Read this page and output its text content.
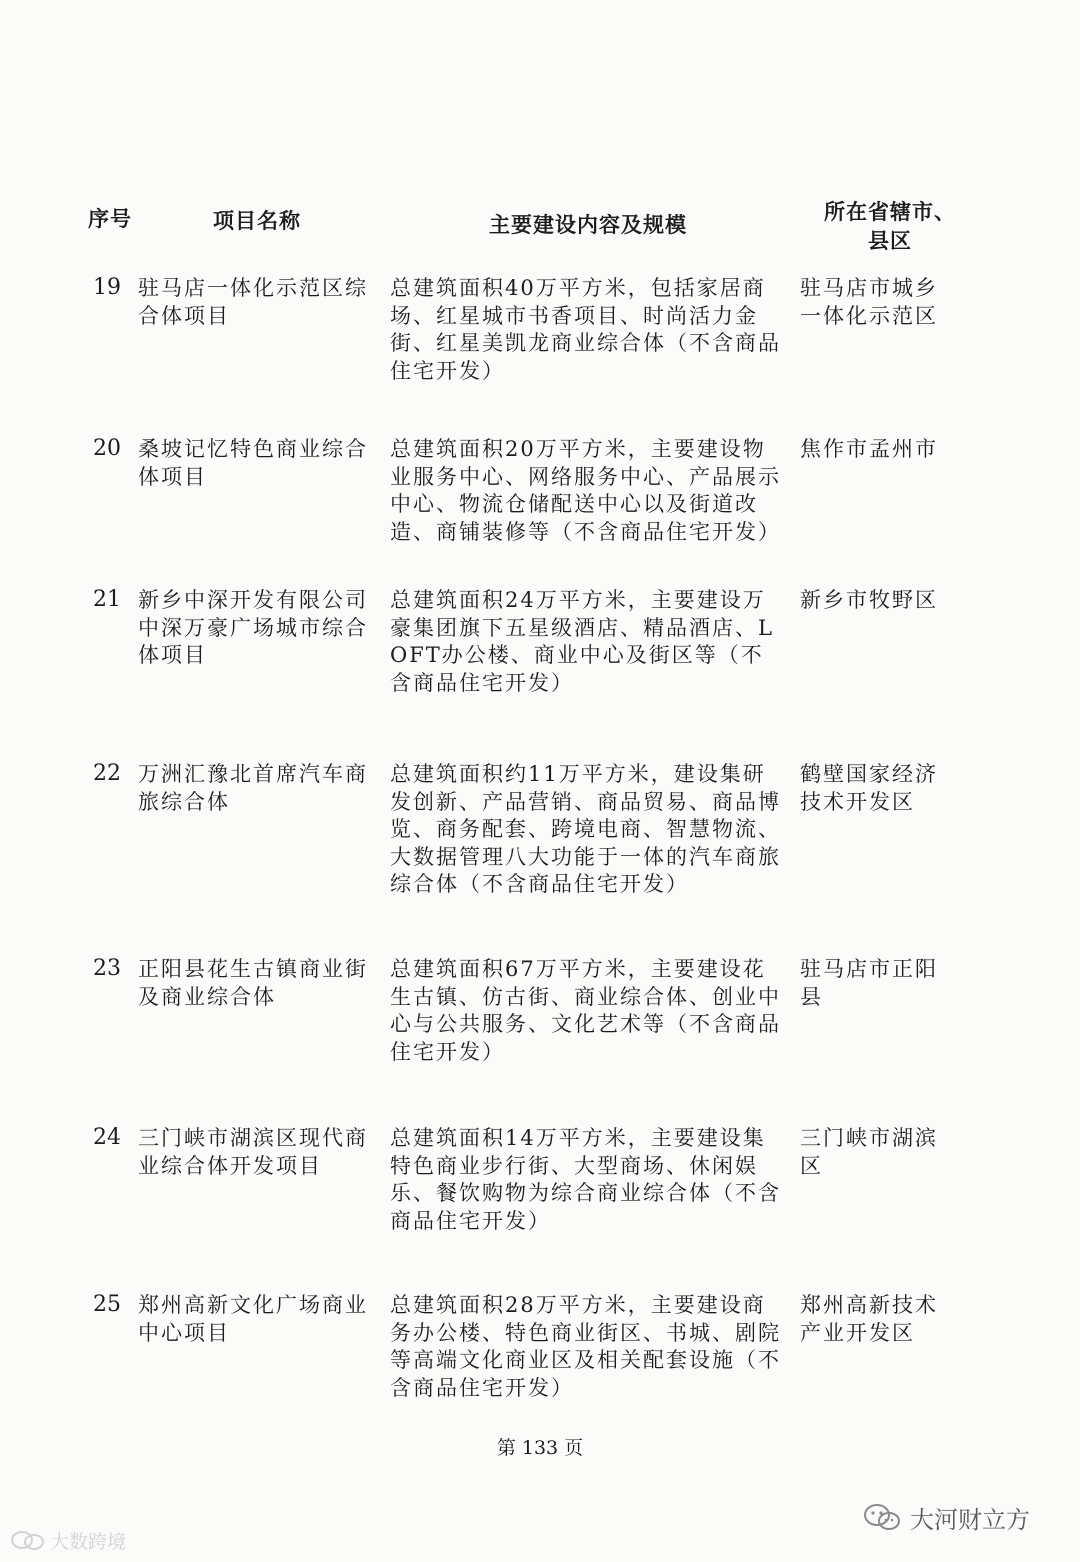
序号	项目名称	主要建设内容及规模
所在省辖市、
县区
19 驻马店一体化示范区综合体项目
总建筑面积40万平方米，包括家居商场、红星城市书香项目、时尚活力金街、红星美凯龙商业综合体（不含商品住宅开发）
驻马店市城乡一体化示范区
20 桑坡记忆特色商业综合体项目
总建筑面积20万平方米，主要建设物业服务中心、网络服务中心、产品展示中心、物流仓储配送中心以及街道改造、商铺装修等（不含商品住宅开发）
焦作市孟州市
21 新乡中深开发有限公司中深万豪广场城市综合体项目
总建筑面积24万平方米，主要建设万豪集团旗下五星级酒店、精品酒店、LOFT办公楼、商业中心及街区等（不含商品住宅开发）
新乡市牧野区
22 万洲汇豫北首席汽车商旅综合体
总建筑面积约11万平方米，建设集研发创新、产品营销、商品贸易、商品博览、商务配套、跨境电商、智慧物流、大数据管理八大功能于一体的汽车商旅综合体（不含商品住宅开发）
鹤壁国家经济技术开发区
23 正阳县花生古镇商业街及商业综合体
总建筑面积67万平方米，主要建设花生古镇、仿古街、商业综合体、创业中心与公共服务、文化艺术等（不含商品住宅开发）
驻马店市正阳县
24 三门峡市湖滨区现代商业综合体开发项目
总建筑面积14万平方米，主要建设集特色商业步行街、大型商场、休闲娱乐、餐饮购物为综合商业综合体（不含商品住宅开发）
三门峡市湖滨区
25 郑州高新文化广场商业中心项目
总建筑面积28万平方米，主要建设商务办公楼、特色商业街区、书城、剧院等高端文化商业区及相关配套设施（不含商品住宅开发）
郑州高新技术产业开发区
第 133 页
大数跨境
大河财立方
